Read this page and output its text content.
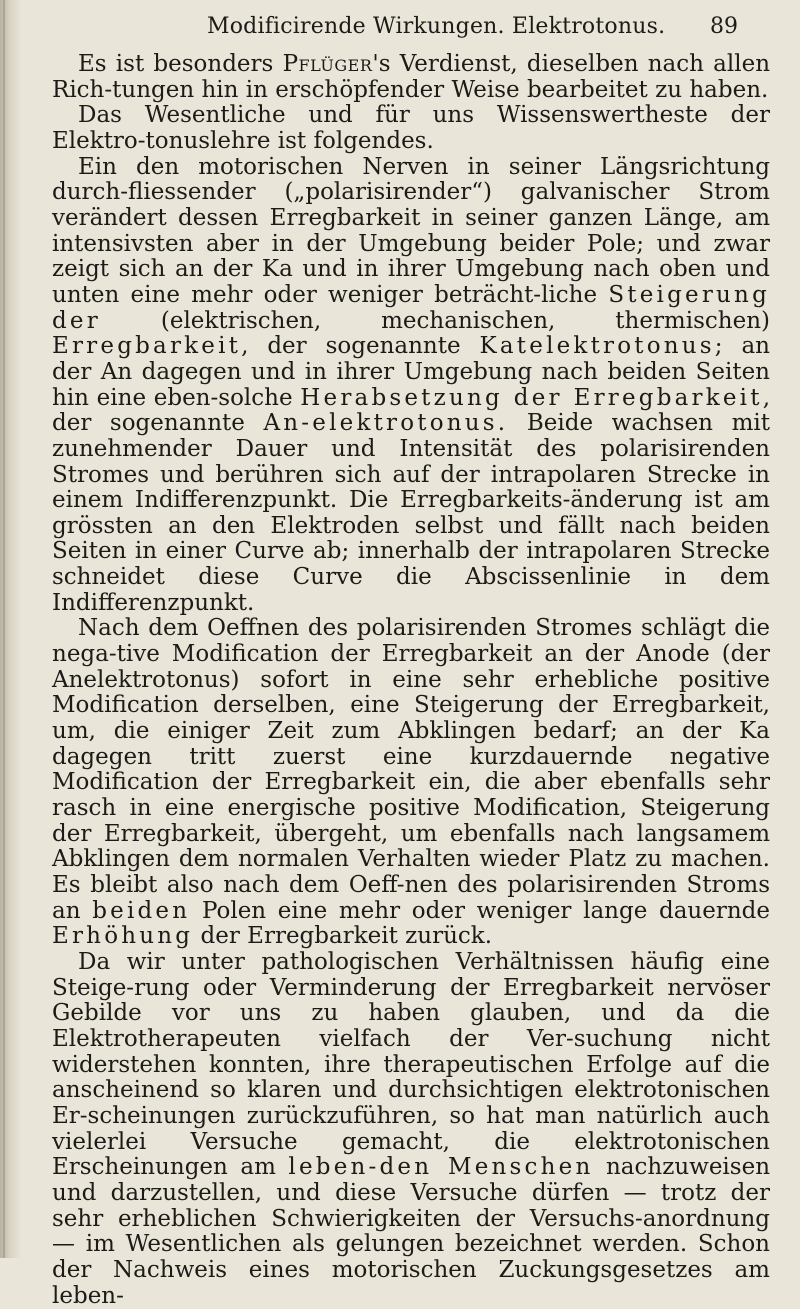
Modificirende Wirkungen. Elektrotonus. 89

Es ist besonders Pflüger's Verdienst, dieselben nach allen Rich-tungen hin in erschöpfender Weise bearbeitet zu haben.

Das Wesentliche und für uns Wissenswertheste der Elektro-tonuslehre ist folgendes.

Ein den motorischen Nerven in seiner Längsrichtung durch-fliessender („polarisirender“) galvanischer Strom verändert dessen Erregbarkeit in seiner ganzen Länge, am intensivsten aber in der Umgebung beider Pole; und zwar zeigt sich an der Ka und in ihrer Umgebung nach oben und unten eine mehr oder weniger beträcht-liche Steigerung der (elektrischen, mechanischen, thermischen) Erregbarkeit, der sogenannte Katelektrotonus; an der An dagegen und in ihrer Umgebung nach beiden Seiten hin eine eben-solche Herabsetzung der Erregbarkeit, der sogenannte An-elektrotonus. Beide wachsen mit zunehmender Dauer und Intensität des polarisirenden Stromes und berühren sich auf der intrapolaren Strecke in einem Indifferenzpunkt. Die Erregbarkeits-änderung ist am grössten an den Elektroden selbst und fällt nach beiden Seiten in einer Curve ab; innerhalb der intrapolaren Strecke schneidet diese Curve die Abscissenlinie in dem Indifferenzpunkt.

Nach dem Oeffnen des polarisirenden Stromes schlägt die nega-tive Modification der Erregbarkeit an der Anode (der Anelektrotonus) sofort in eine sehr erhebliche positive Modification derselben, eine Steigerung der Erregbarkeit, um, die einiger Zeit zum Abklingen bedarf; an der Ka dagegen tritt zuerst eine kurzdauernde negative Modification der Erregbarkeit ein, die aber ebenfalls sehr rasch in eine energische positive Modification, Steigerung der Erregbarkeit, übergeht, um ebenfalls nach langsamem Abklingen dem normalen Verhalten wieder Platz zu machen. Es bleibt also nach dem Oeff-nen des polarisirenden Stroms an beiden Polen eine mehr oder weniger lange dauernde Erhöhung der Erregbarkeit zurück.

Da wir unter pathologischen Verhältnissen häufig eine Steige-rung oder Verminderung der Erregbarkeit nervöser Gebilde vor uns zu haben glauben, und da die Elektrotherapeuten vielfach der Ver-suchung nicht widerstehen konnten, ihre therapeutischen Erfolge auf die anscheinend so klaren und durchsichtigen elektrotonischen Er-scheinungen zurückzuführen, so hat man natürlich auch vielerlei Versuche gemacht, die elektrotonischen Erscheinungen am leben-den Menschen nachzuweisen und darzustellen, und diese Versuche dürfen — trotz der sehr erheblichen Schwierigkeiten der Versuchs-anordnung — im Wesentlichen als gelungen bezeichnet werden. Schon der Nachweis eines motorischen Zuckungsgesetzes am leben-
